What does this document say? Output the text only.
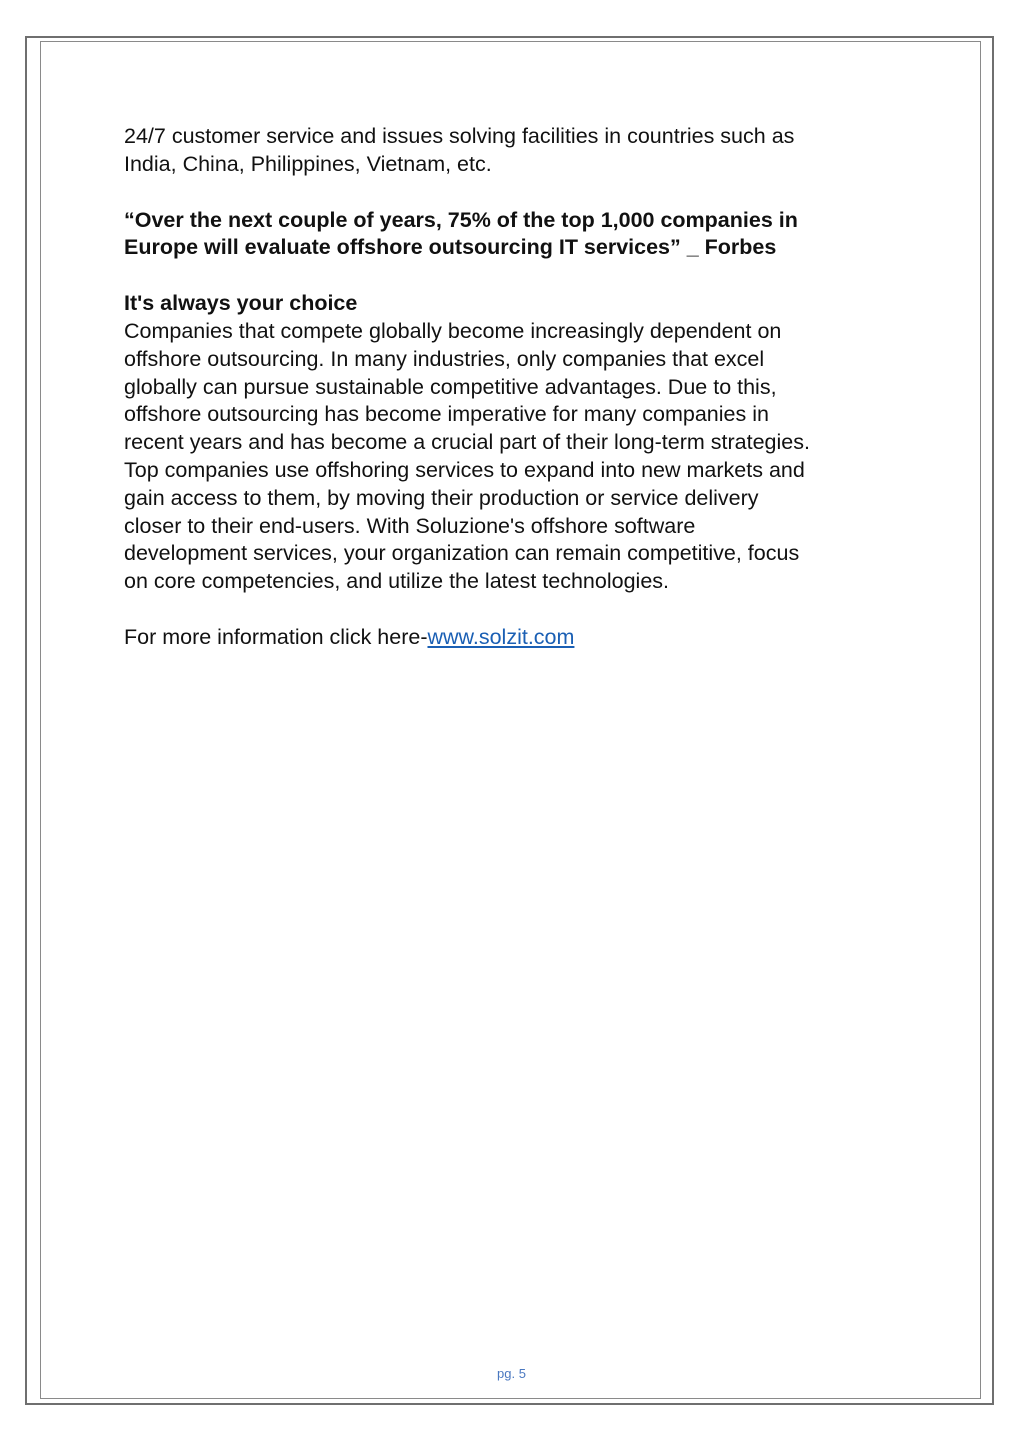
24/7 customer service and issues solving facilities in countries such as
India, China, Philippines, Vietnam, etc.

“Over the next couple of years, 75% of the top 1,000 companies in
Europe will evaluate offshore outsourcing IT services” _ Forbes

It's always your choice

Companies that compete globally become increasingly dependent on
offshore outsourcing. In many industries, only companies that excel
globally can pursue sustainable competitive advantages. Due to this,
offshore outsourcing has become imperative for many companies in
recent years and has become a crucial part of their long-term strategies.
Top companies use offshoring services to expand into new markets and
gain access to them, by moving their production or service delivery
closer to their end-users. With Soluzione's offshore software
development services, your organization can remain competitive, focus
on core competencies, and utilize the latest technologies.

For more information click here-www.solzit.com

pg. 5
